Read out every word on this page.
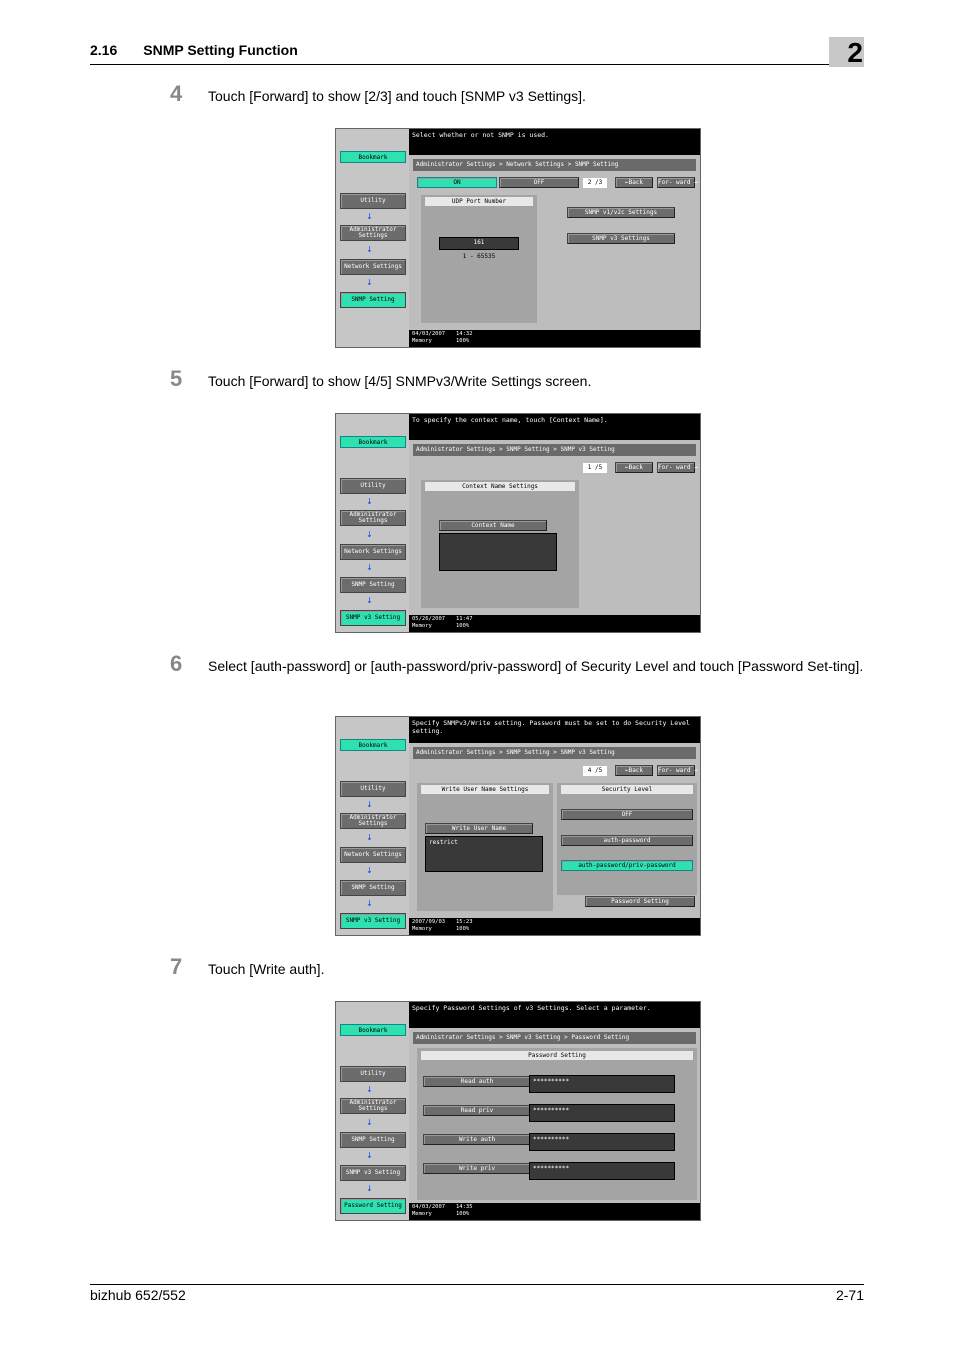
2.16 SNMP Setting Function	2
4 Touch [Forward] to show [2/3] and touch [SNMP v3 Settings].
Bookmark
Utility
↓
Administrator Settings
↓
Network Settings
↓
SNMP Setting
Select whether or not SNMP is used.
Administrator Settings > Network Settings > SNMP Setting
ON	OFF	2 /3	←Back	For- ward →
UDP Port Number
161
1 - 65535
SNMP v1/v2c Settings
SNMP v3 Settings
04/03/2007 14:32
Memory	100%
5 Touch [Forward] to show [4/5] SNMPv3/Write Settings screen.
Bookmark
Utility
↓
Administrator Settings
↓
Network Settings
↓
SNMP Setting
↓
SNMP v3 Setting
To specify the context name, touch [Context Name].
Administrator Settings > SNMP Setting > SNMP v3 Setting
1 /5	←Back	For- ward →
Context Name Settings
Context Name
05/26/2007 11:47
Memory	100%
6 Select [auth-password] or [auth-password/priv-password] of Security Level and touch [Password Set-ting].
Bookmark
Utility
↓
Administrator Settings
↓
Network Settings
↓
SNMP Setting
↓
SNMP v3 Setting
Specify SNMPv3/Write setting. Password must be set to do Security Level setting.
Administrator Settings > SNMP Setting > SNMP v3 Setting
4 /5	←Back	For- ward →
Write User Name Settings
Write User Name
restrict
Security Level
OFF
auth-password
auth-password/priv-password
Password Setting
2007/09/03 15:23
Memory	100%
7 Touch [Write auth].
Bookmark
Utility
↓
Administrator Settings
↓
SNMP Setting
↓
SNMP v3 Setting
↓
Password Setting
Specify Password Settings of v3 Settings. Select a parameter.
Administrator Settings > SNMP v3 Setting > Password Setting
Password Setting
Read auth	**********
Read priv	**********
Write auth	**********
Write priv	**********
04/03/2007 14:35
Memory	100%
bizhub 652/552	2-71
